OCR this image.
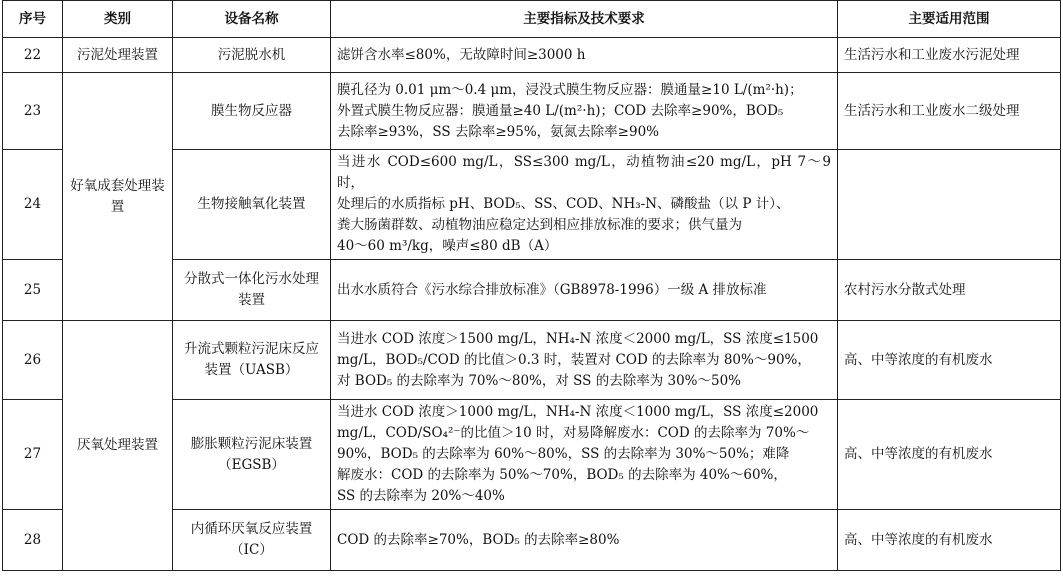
序号	类别	设备名称	主要指标及技术要求	主要适用范围
22	污泥处理装置	污泥脱水机	滤饼含水率≤80%，无故障时间≥3000 h	生活污水和工业废水污泥处理
23	好氧成套处理装置	膜生物反应器	膜孔径为 0.01 μm～0.4 μm，浸没式膜生物反应器：膜通量≥10 L/(m²·h)；
外置式膜生物反应器：膜通量≥40 L/(m²·h)；COD 去除率≥90%，BOD₅
去除率≥93%，SS 去除率≥95%，氨氮去除率≥90%	生活污水和工业废水二级处理
24		生物接触氧化装置	当进水 COD≤600 mg/L，SS≤300 mg/L，动植物油≤20 mg/L，pH 7～9 时，
处理后的水质指标 pH、BOD₅、SS、COD、NH₃-N、磷酸盐（以 P 计）、
粪大肠菌群数、动植物油应稳定达到相应排放标准的要求；供气量为
40～60 m³/kg，噪声≤80 dB（A）	

25		分散式一体化污水处理装置	出水水质符合《污水综合排放标准》（GB8978-1996）一级 A 排放标准	农村污水分散式处理
26	厌氧处理装置	升流式颗粒污泥床反应装置（UASB）	当进水 COD 浓度＞1500 mg/L，NH₄-N 浓度＜2000 mg/L，SS 浓度≤1500
mg/L，BOD₅/COD 的比值＞0.3 时，装置对 COD 的去除率为 80%～90%，
对 BOD₅ 的去除率为 70%～80%，对 SS 的去除率为 30%～50%	高、中等浓度的有机废水
27		膨胀颗粒污泥床装置（EGSB）	当进水 COD 浓度＞1000 mg/L，NH₄-N 浓度＜1000 mg/L，SS 浓度≤2000
mg/L，COD/SO₄²⁻的比值＞10 时，对易降解废水：COD 的去除率为 70%～
90%，BOD₅ 的去除率为 60%～80%，SS 的去除率为 30%～50%；难降
解废水：COD 的去除率为 50%～70%，BOD₅ 的去除率为 40%～60%，
SS 的去除率为 20%～40%	高、中等浓度的有机废水
28		内循环厌氧反应装置（IC）	COD 的去除率≥70%，BOD₅ 的去除率≥80%	高、中等浓度的有机废水
